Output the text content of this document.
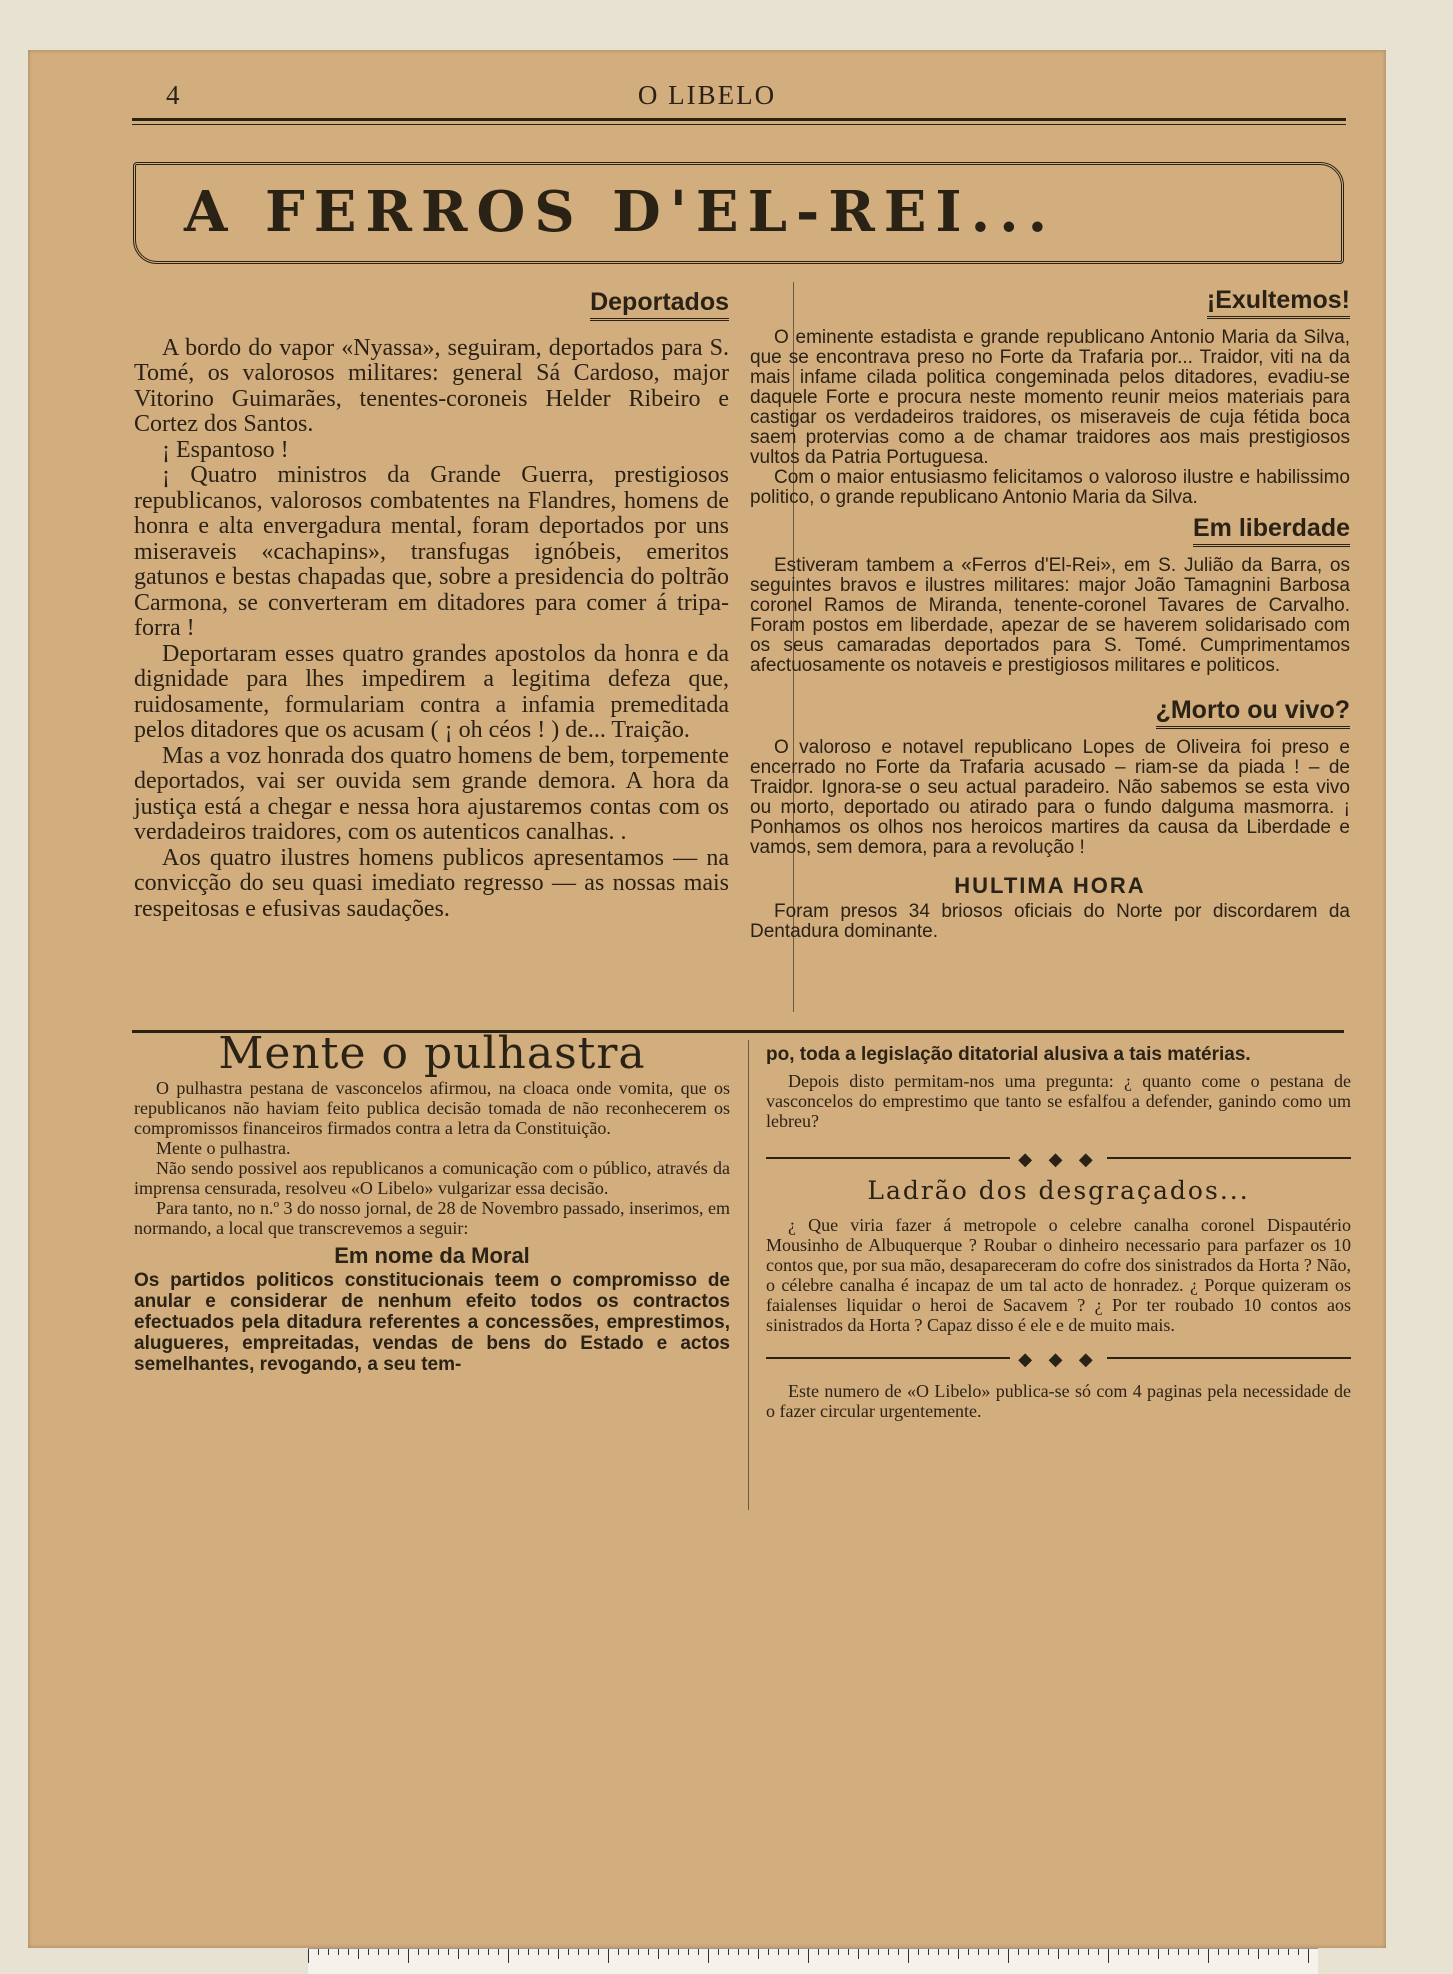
4	O LIBELO
A FERROS D'EL-REI...
Deportados

A bordo do vapor «Nyassa», seguiram, deportados para S. Tomé, os valorosos militares: general Sá Cardoso, major Vitorino Guimarães, tenentes-coroneis Helder Ribeiro e Cortez dos Santos.

¡ Espantoso !

¡ Quatro ministros da Grande Guerra, prestigiosos republicanos, valorosos combatentes na Flandres, homens de honra e alta envergadura mental, foram deportados por uns miseraveis «cachapins», transfugas ignóbeis, emeritos gatunos e bestas chapadas que, sobre a presidencia do poltrão Carmona, se converteram em ditadores para comer á tripa-forra !

Deportaram esses quatro grandes apostolos da honra e da dignidade para lhes impedirem a legitima defeza que, ruidosamente, formulariam contra a infamia premeditada pelos ditadores que os acusam ( ¡ oh céos ! ) de... Traição.

Mas a voz honrada dos quatro homens de bem, torpemente deportados, vai ser ouvida sem grande demora. A hora da justiça está a chegar e nessa hora ajustaremos contas com os verdadeiros traidores, com os autenticos canalhas. .

Aos quatro ilustres homens publicos apresentamos — na convicção do seu quasi imediato regresso — as nossas mais respeitosas e efusivas saudações.

¡Exultemos!

O eminente estadista e grande republicano Antonio Maria da Silva, que se encontrava preso no Forte da Trafaria por... Traidor, viti na da mais infame cilada politica congeminada pelos ditadores, evadiu-se daquele Forte e procura neste momento reunir meios materiais para castigar os verdadeiros traidores, os miseraveis de cuja fétida boca saem protervias como a de chamar traidores aos mais prestigiosos vultos da Patria Portuguesa.

Com o maior entusiasmo felicitamos o valoroso ilustre e habilissimo politico, o grande republicano Antonio Maria da Silva.

Em liberdade

Estiveram tambem a «Ferros d'El-Rei», em S. Julião da Barra, os seguintes bravos e ilustres militares: major João Tamagnini Barbosa coronel Ramos de Miranda, tenente-coronel Tavares de Carvalho. Foram postos em liberdade, apezar de se haverem solidarisado com os seus camaradas deportados para S. Tomé. Cumprimentamos afectuosamente os notaveis e prestigiosos militares e politicos.

¿Morto ou vivo?

O valoroso e notavel republicano Lopes de Oliveira foi preso e encerrado no Forte da Trafaria acusado – riam-se da piada ! – de Traidor. Ignora-se o seu actual paradeiro. Não sabemos se esta vivo ou morto, deportado ou atirado para o fundo dalguma masmorra. ¡ Ponhamos os olhos nos heroicos martires da causa da Liberdade e vamos, sem demora, para a revolução !

HULTIMA HORA

Foram presos 34 briosos oficiais do Norte por discordarem da Dentadura dominante.

Mente o pulhastra

O pulhastra pestana de vasconcelos afirmou, na cloaca onde vomita, que os republicanos não haviam feito publica decisão tomada de não reconhecerem os compromissos financeiros firmados contra a letra da Constituição.

Mente o pulhastra.

Não sendo possivel aos republicanos a comunicação com o público, através da imprensa censurada, resolveu «O Libelo» vulgarizar essa decisão.

Para tanto, no n.º 3 do nosso jornal, de 28 de Novembro passado, inserimos, em normando, a local que transcrevemos a seguir:

Em nome da Moral
Os partidos politicos constitucionais teem o compromisso de anular e considerar de nenhum efeito todos os contractos efectuados pela ditadura referentes a concessões, emprestimos, alugueres, empreitadas, vendas de bens do Estado e actos semelhantes, revogando, a seu tem-
po, toda a legislação ditatorial alusiva a tais matérias.

Depois disto permitam-nos uma pregunta: ¿ quanto come o pestana de vasconcelos do emprestimo que tanto se esfalfou a defender, ganindo como um lebreu?

◆ ◆ ◆
Ladrão dos desgraçados...

¿ Que viria fazer á metropole o celebre canalha coronel Dispautério Mousinho de Albuquerque ? Roubar o dinheiro necessario para parfazer os 10 contos que, por sua mão, desapareceram do cofre dos sinistrados da Horta ? Não, o célebre canalha é incapaz de um tal acto de honradez. ¿ Porque quizeram os faialenses liquidar o heroi de Sacavem ? ¿ Por ter roubado 10 contos aos sinistrados da Horta ? Capaz disso é ele e de muito mais.

◆ ◆ ◆

Este numero de «O Libelo» publica-se só com 4 paginas pela necessidade de o fazer circular urgentemente.
